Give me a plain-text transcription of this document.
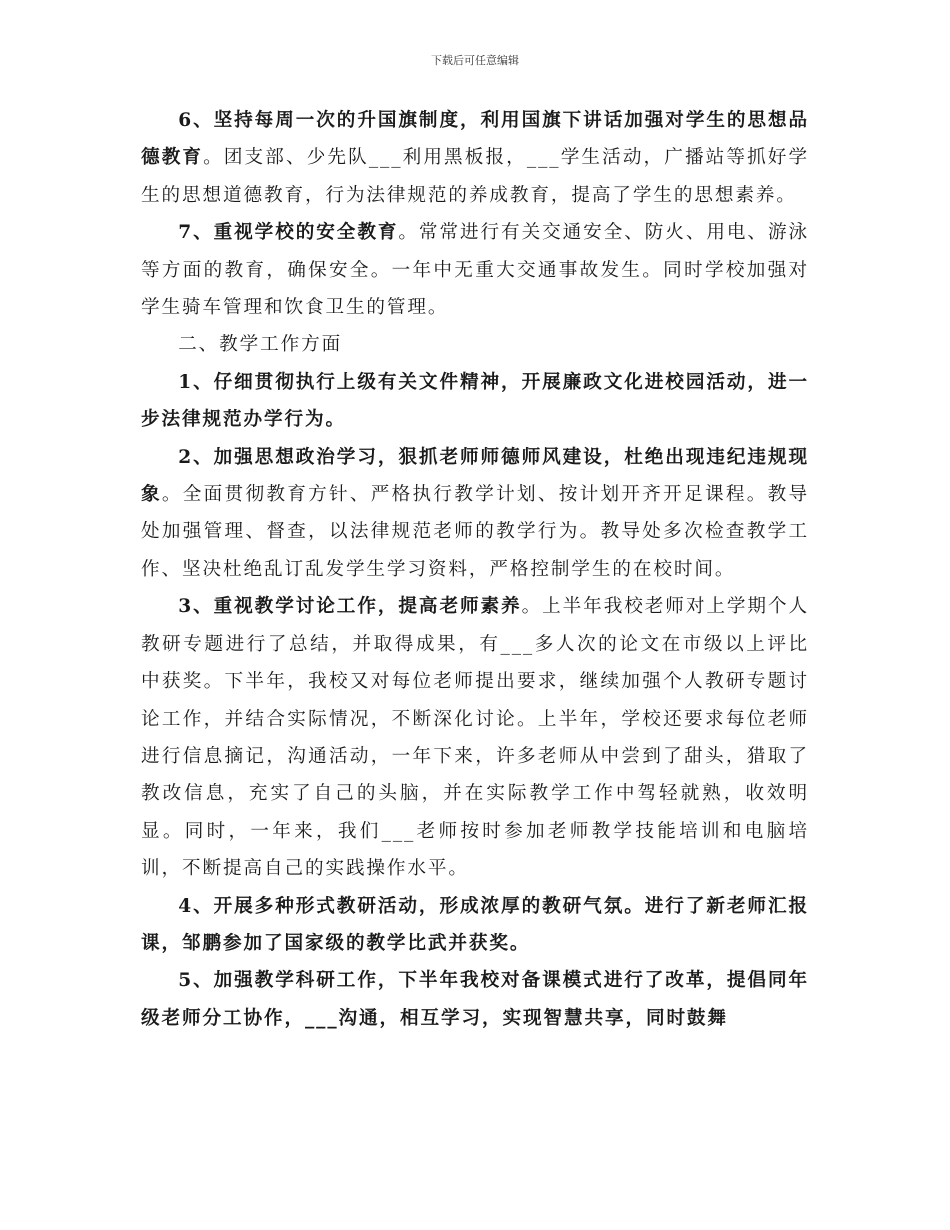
下载后可任意编辑

6、坚持每周一次的升国旗制度，利用国旗下讲话加强对学生的思想品德教育。团支部、少先队___利用黑板报，___学生活动，广播站等抓好学生的思想道德教育，行为法律规范的养成教育，提高了学生的思想素养。

7、重视学校的安全教育。常常进行有关交通安全、防火、用电、游泳等方面的教育，确保安全。一年中无重大交通事故发生。同时学校加强对学生骑车管理和饮食卫生的管理。

二、教学工作方面

1、仔细贯彻执行上级有关文件精神，开展廉政文化进校园活动，进一步法律规范办学行为。

2、加强思想政治学习，狠抓老师师德师风建设，杜绝出现违纪违规现象。全面贯彻教育方针、严格执行教学计划、按计划开齐开足课程。教导处加强管理、督查，以法律规范老师的教学行为。教导处多次检查教学工作、坚决杜绝乱订乱发学生学习资料，严格控制学生的在校时间。

3、重视教学讨论工作，提高老师素养。上半年我校老师对上学期个人教研专题进行了总结，并取得成果，有___多人次的论文在市级以上评比中获奖。下半年，我校又对每位老师提出要求，继续加强个人教研专题讨论工作，并结合实际情况，不断深化讨论。上半年，学校还要求每位老师进行信息摘记，沟通活动，一年下来，许多老师从中尝到了甜头，猎取了教改信息，充实了自己的头脑，并在实际教学工作中驾轻就熟，收效明显。同时，一年来，我们___老师按时参加老师教学技能培训和电脑培训，不断提高自己的实践操作水平。

4、开展多种形式教研活动，形成浓厚的教研气氛。进行了新老师汇报课，邹鹏参加了国家级的教学比武并获奖。

5、加强教学科研工作，下半年我校对备课模式进行了改革，提倡同年级老师分工协作，___沟通，相互学习，实现智慧共享，同时鼓舞
